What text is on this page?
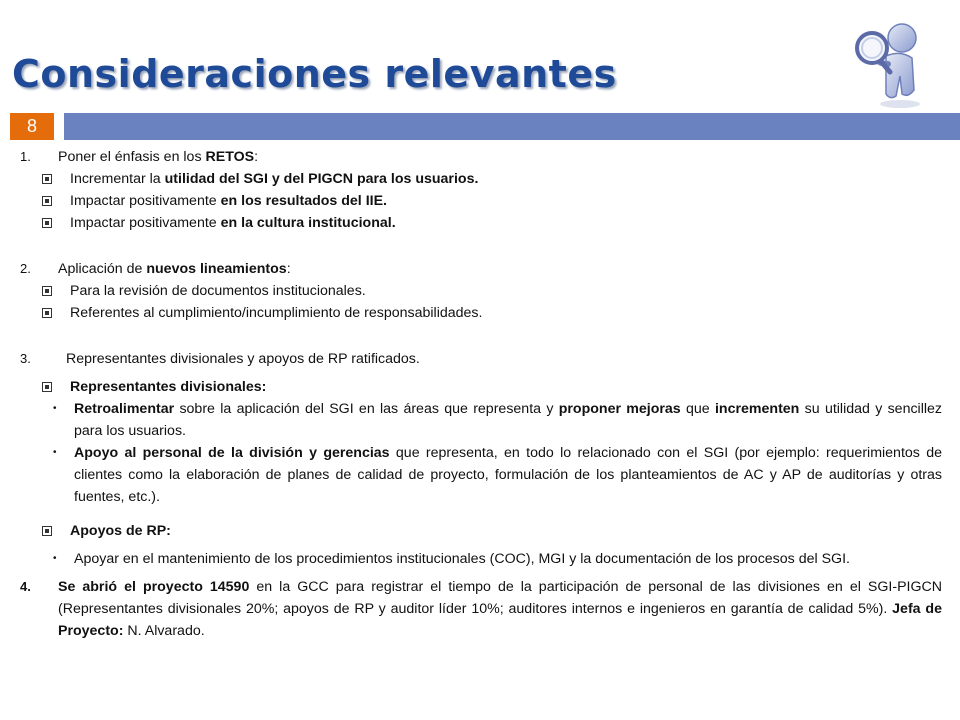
Consideraciones relevantes
8
1. Poner el énfasis en los RETOS:
Incrementar la utilidad del SGI y del PIGCN para los usuarios.
Impactar positivamente en los resultados del IIE.
Impactar positivamente en la cultura institucional.
2. Aplicación de nuevos lineamientos:
Para la revisión de documentos institucionales.
Referentes al cumplimiento/incumplimiento de responsabilidades.
3. Representantes divisionales y apoyos de RP ratificados.
Representantes divisionales:
• Retroalimentar sobre la aplicación del SGI en las áreas que representa y proponer mejoras que incrementen su utilidad y sencillez para los usuarios.
• Apoyo al personal de la división y gerencias que representa, en todo lo relacionado con el SGI (por ejemplo: requerimientos de clientes como la elaboración de planes de calidad de proyecto, formulación de los planteamientos de AC y AP de auditorías y otras fuentes, etc.).
Apoyos de RP:
• Apoyar en el mantenimiento de los procedimientos institucionales (COC), MGI y la documentación de los procesos del SGI.
4. Se abrió el proyecto 14590 en la GCC para registrar el tiempo de la participación de personal de las divisiones en el SGI-PIGCN (Representantes divisionales 20%; apoyos de RP y auditor líder 10%; auditores internos e ingenieros en garantía de calidad 5%). Jefa de Proyecto: N. Alvarado.
